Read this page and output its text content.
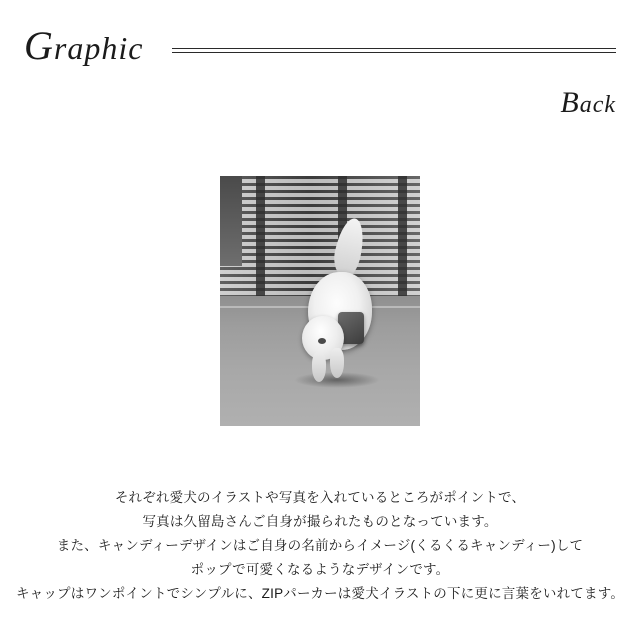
Graphic
Back
それぞれ愛犬のイラストや写真を入れているところがポイントで、
写真は久留島さんご自身が撮られたものとなっています。
また、キャンディーデザインはご自身の名前からイメージ(くるくるキャンディー)して
ポップで可愛くなるようなデザインです。
キャップはワンポイントでシンプルに、ZIPパーカーは愛犬イラストの下に更に言葉をいれてます。
